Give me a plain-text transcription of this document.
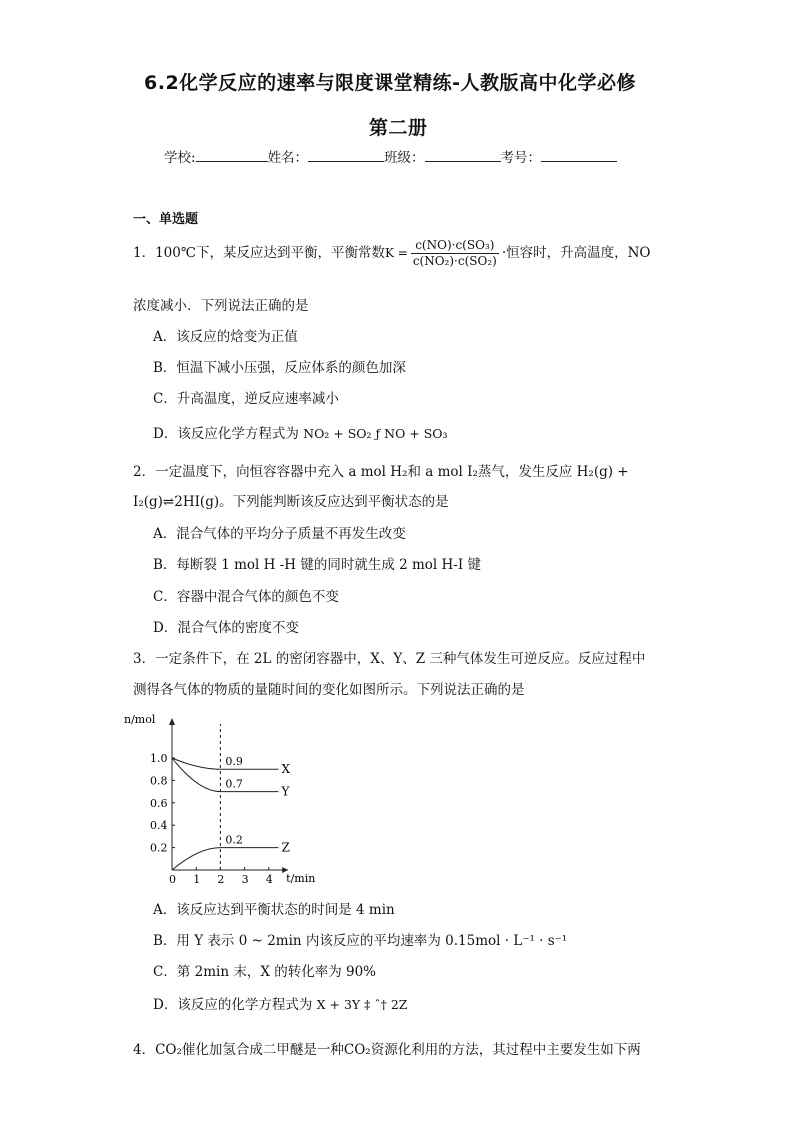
6.2化学反应的速率与限度课堂精练-人教版高中化学必修
第二册
学校:	姓名：	班级：	考号：
一、单选题
1．100℃下，某反应达到平衡，平衡常数$K = \frac{\text{c(NO)·c(SO₃)}}{\text{c(NO₂)·c(SO₂)}}$ ·恒容时，升高温度，NO
浓度减小．下列说法正确的是
A．该反应的焓变为正值
B．恒温下减小压强，反应体系的颜色加深
C．升高温度，逆反应速率减小
D．该反应化学方程式为 NO₂ + SO₂ ƒ NO + SO₃
2．一定温度下，向恒容容器中充入 a mol H₂和 a mol I₂蒸气，发生反应 H₂(g) +
I₂(g)⇌2HI(g)。下列能判断该反应达到平衡状态的是
A．混合气体的平均分子质量不再发生改变
B．每断裂 1 mol H -H 键的同时就生成 2 mol H-I 键
C．容器中混合气体的颜色不变
D．混合气体的密度不变
3．一定条件下，在 2L 的密闭容器中，X、Y、Z 三种气体发生可逆反应。反应过程中
测得各气体的物质的量随时间的变化如图所示。下列说法正确的是
n/mol
t/min
0 1 2 3 4
1.0
0.8
0.6
0.4
0.2
0.9
X
0.7
Y
0.2
Z
A．该反应达到平衡状态的时间是 4 min
B．用 Y 表示 0 ~ 2min 内该反应的平均速率为 0.15mol · L⁻¹ · s⁻¹
C．第 2min 末，X 的转化率为 90%
D．该反应的化学方程式为 X + 3Y ‡ ˆ† 2Z
4．CO₂催化加氢合成二甲醚是一种CO₂资源化利用的方法，其过程中主要发生如下两
